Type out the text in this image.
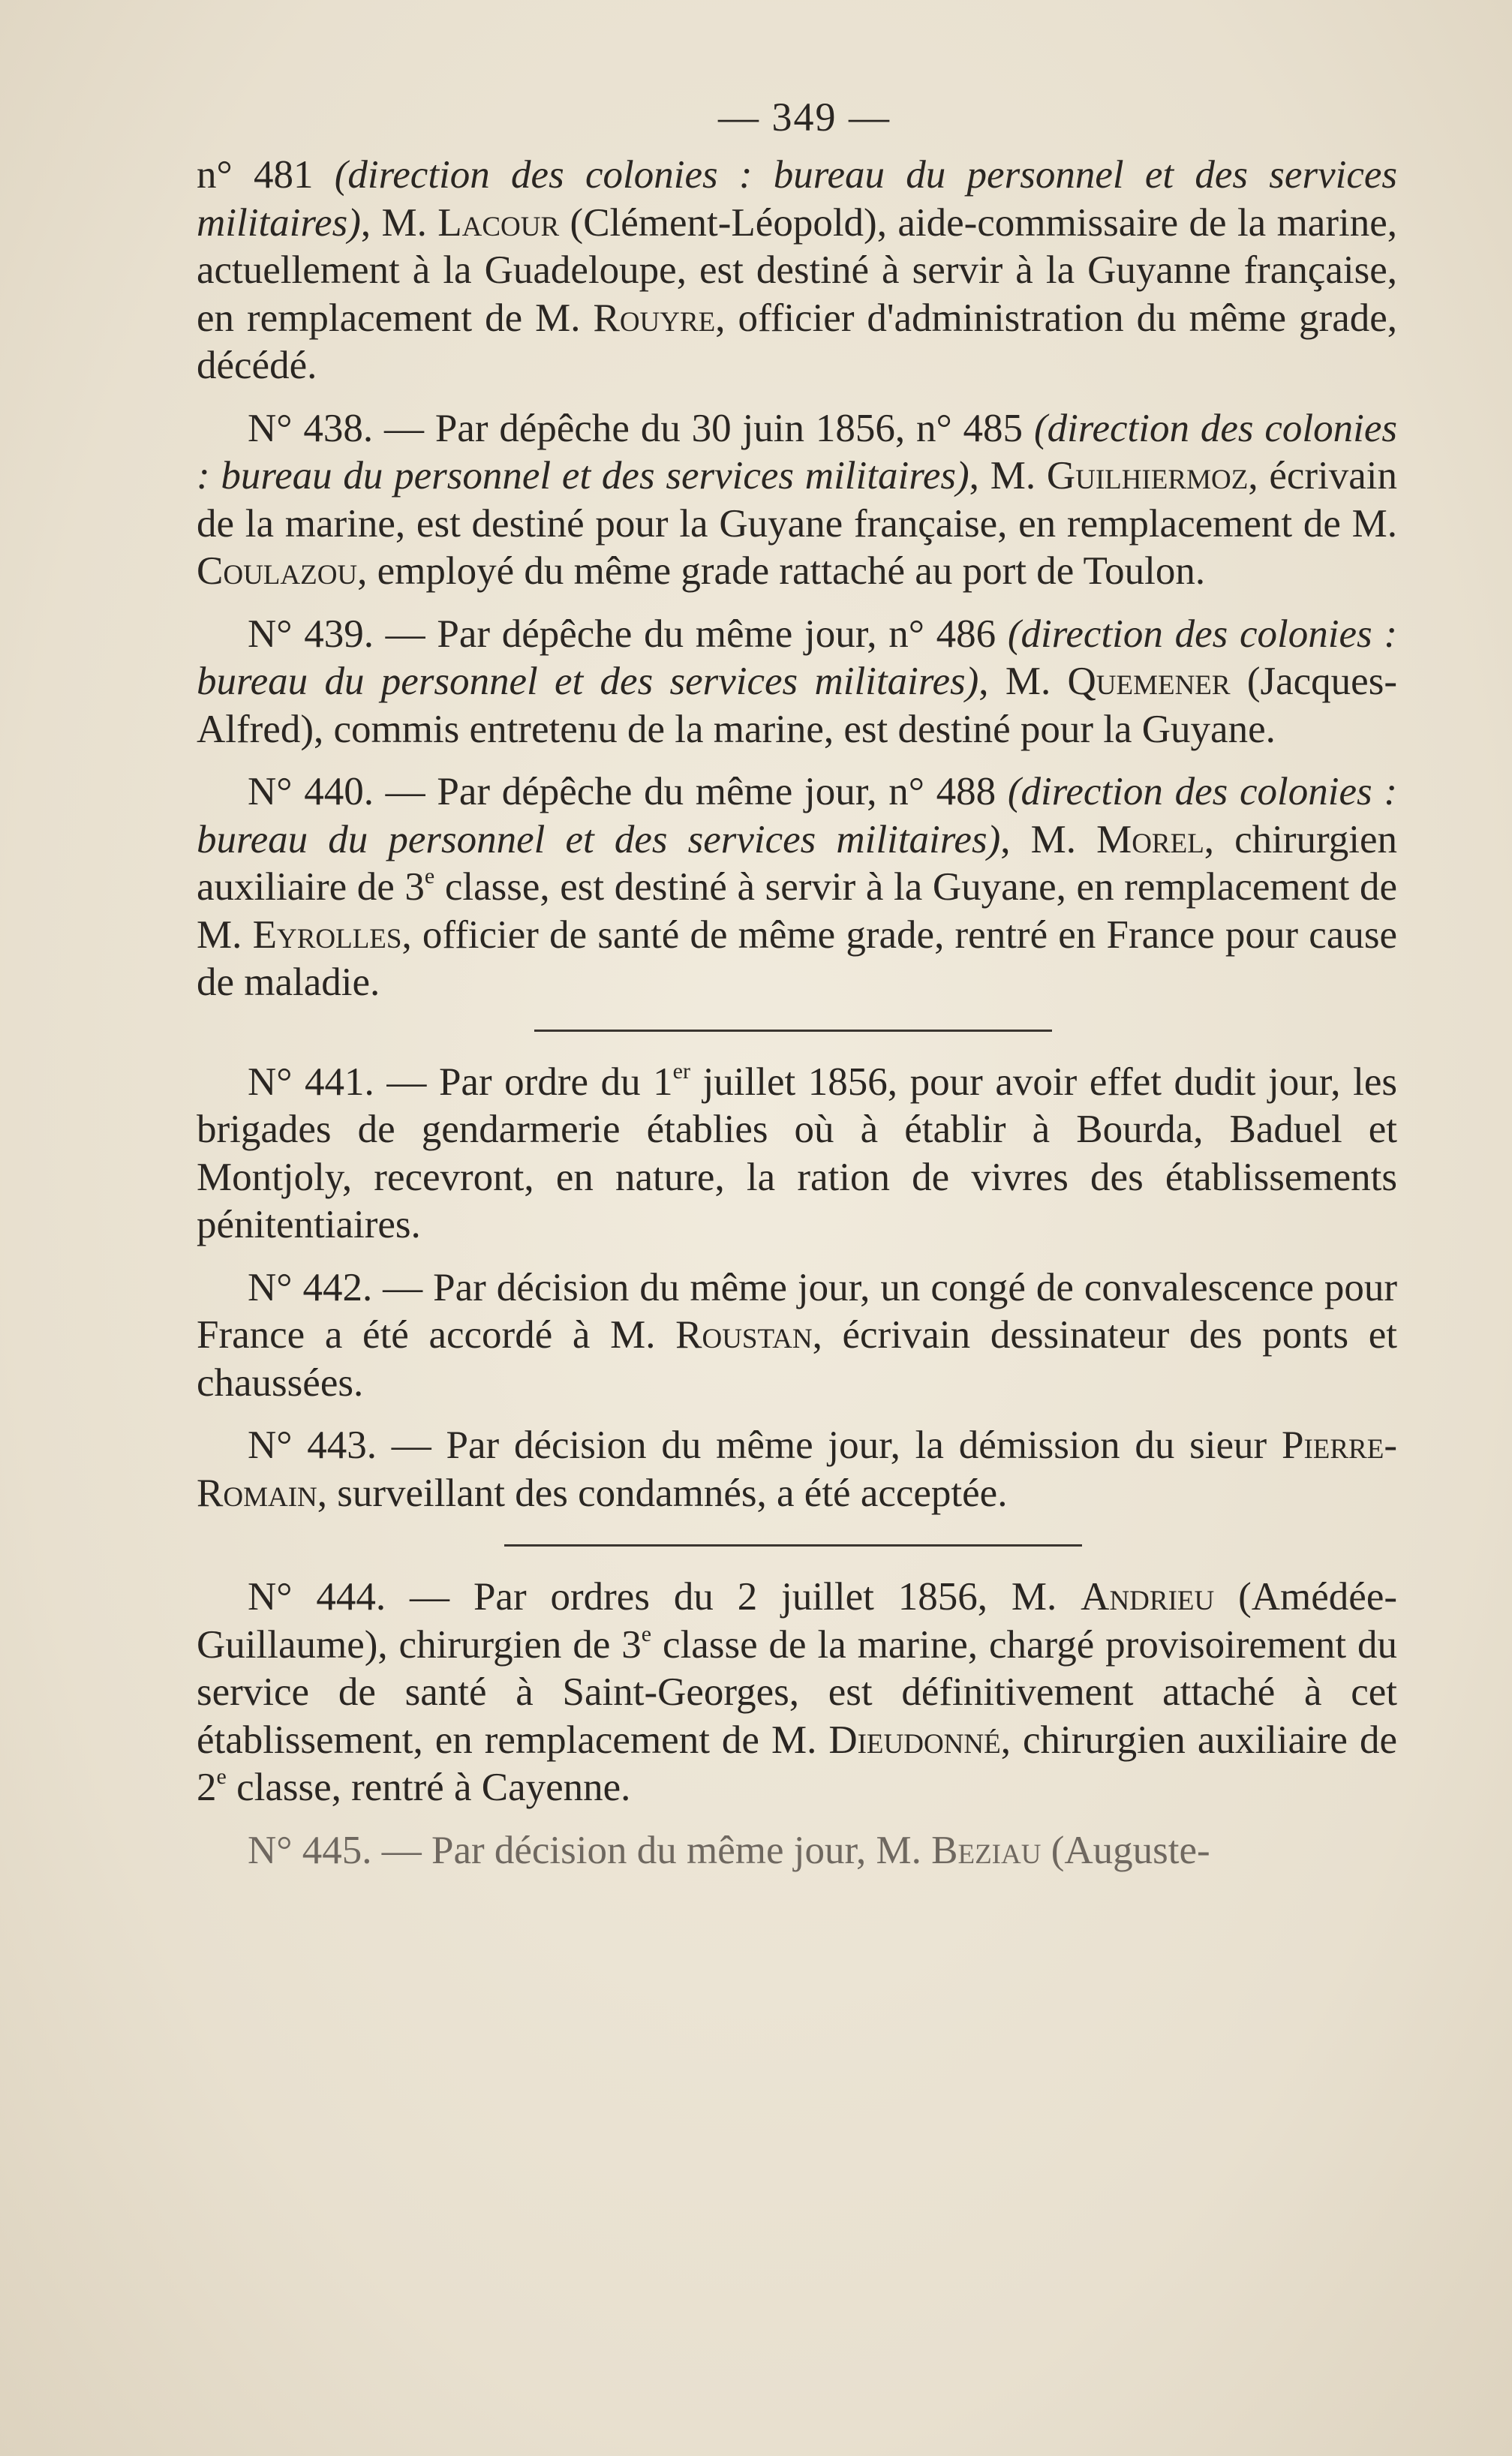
— 349 —

n° 481 (direction des colonies : bureau du personnel et des services militaires), M. Lacour (Clément-Léopold), aide-commissaire de la marine, actuellement à la Guadeloupe, est destiné à servir à la Guyanne française, en remplacement de M. Rouyre, officier d'administration du même grade, décédé.

N° 438. — Par dépêche du 30 juin 1856, n° 485 (direction des colonies : bureau du personnel et des services militaires), M. Guilhiermoz, écrivain de la marine, est destiné pour la Guyane française, en remplacement de M. Coulazou, employé du même grade rattaché au port de Toulon.

N° 439. — Par dépêche du même jour, n° 486 (direction des colonies : bureau du personnel et des services militaires), M. Quemener (Jacques-Alfred), commis entretenu de la marine, est destiné pour la Guyane.

N° 440. — Par dépêche du même jour, n° 488 (direction des colonies : bureau du personnel et des services militaires), M. Morel, chirurgien auxiliaire de 3e classe, est destiné à servir à la Guyane, en remplacement de M. Eyrolles, officier de santé de même grade, rentré en France pour cause de maladie.

N° 441. — Par ordre du 1er juillet 1856, pour avoir effet dudit jour, les brigades de gendarmerie établies où à établir à Bourda, Baduel et Montjoly, recevront, en nature, la ration de vivres des établissements pénitentiaires.

N° 442. — Par décision du même jour, un congé de convalescence pour France a été accordé à M. Roustan, écrivain dessinateur des ponts et chaussées.

N° 443. — Par décision du même jour, la démission du sieur Pierre-Romain, surveillant des condamnés, a été acceptée.

N° 444. — Par ordres du 2 juillet 1856, M. Andrieu (Amédée-Guillaume), chirurgien de 3e classe de la marine, chargé provisoirement du service de santé à Saint-Georges, est définitivement attaché à cet établissement, en remplacement de M. Dieudonné, chirurgien auxiliaire de 2e classe, rentré à Cayenne.

N° 445. — Par décision du même jour, M. Beziau (Auguste-
